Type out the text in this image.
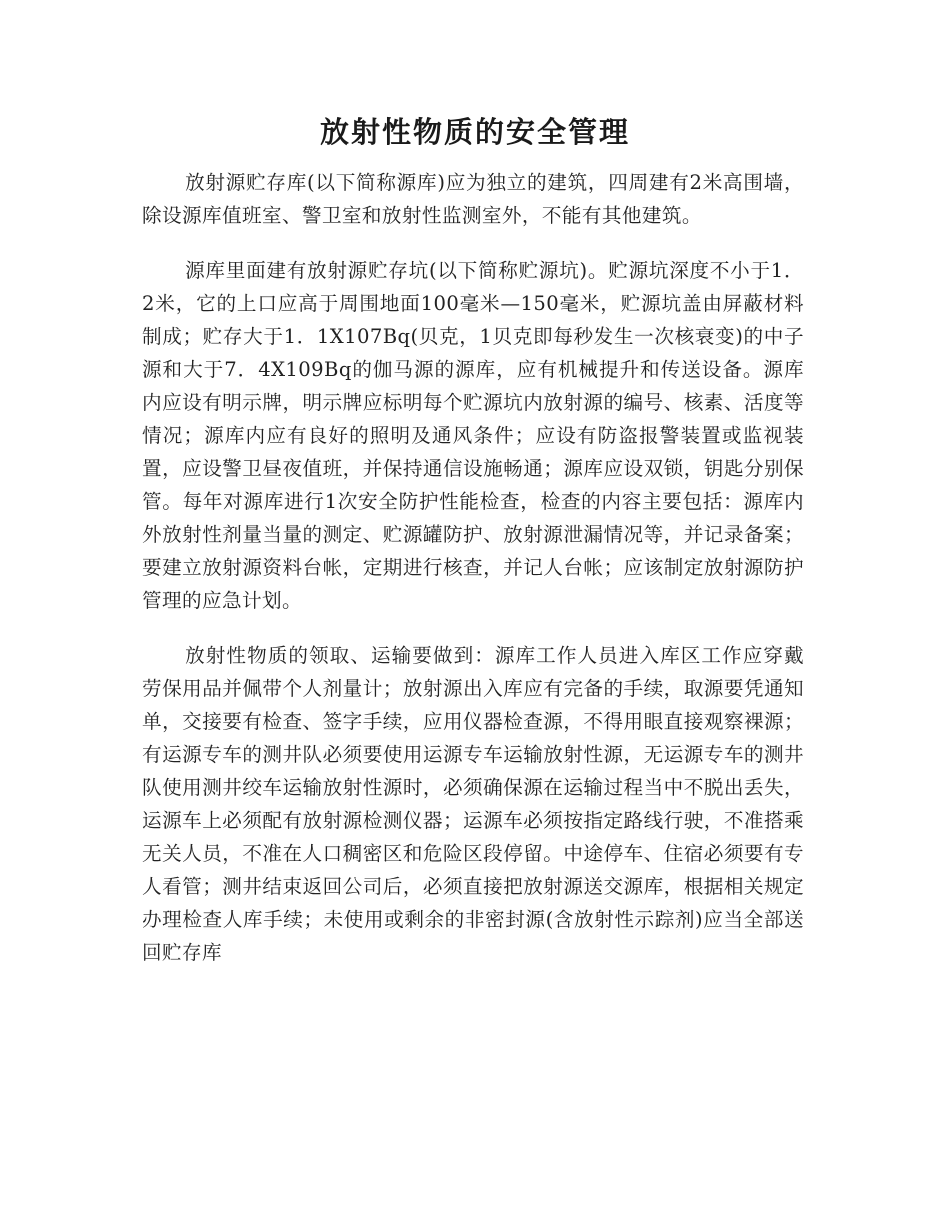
放射性物质的安全管理

放射源贮存库(以下简称源库)应为独立的建筑，四周建有2米高围墙，除设源库值班室、警卫室和放射性监测室外，不能有其他建筑。

源库里面建有放射源贮存坑(以下简称贮源坑)。贮源坑深度不小于1．2米，它的上口应高于周围地面100毫米—150毫米，贮源坑盖由屏蔽材料制成；贮存大于1．1X107Bq(贝克，1贝克即每秒发生一次核衰变)的中子源和大于7．4X109Bq的伽马源的源库，应有机械提升和传送设备。源库内应设有明示牌，明示牌应标明每个贮源坑内放射源的编号、核素、活度等情况；源库内应有良好的照明及通风条件；应设有防盗报警装置或监视装置，应设警卫昼夜值班，并保持通信设施畅通；源库应设双锁，钥匙分别保管。每年对源库进行1次安全防护性能检查，检查的内容主要包括：源库内外放射性剂量当量的测定、贮源罐防护、放射源泄漏情况等，并记录备案；要建立放射源资料台帐，定期进行核查，并记人台帐；应该制定放射源防护管理的应急计划。

放射性物质的领取、运输要做到：源库工作人员进入库区工作应穿戴劳保用品并佩带个人剂量计；放射源出入库应有完备的手续，取源要凭通知单，交接要有检查、签字手续，应用仪器检查源，不得用眼直接观察裸源；有运源专车的测井队必须要使用运源专车运输放射性源，无运源专车的测井队使用测井绞车运输放射性源时，必须确保源在运输过程当中不脱出丢失，运源车上必须配有放射源检测仪器；运源车必须按指定路线行驶，不准搭乘无关人员，不准在人口稠密区和危险区段停留。中途停车、住宿必须要有专人看管；测井结束返回公司后，必须直接把放射源送交源库，根据相关规定办理检查人库手续；未使用或剩余的非密封源(含放射性示踪剂)应当全部送回贮存库
